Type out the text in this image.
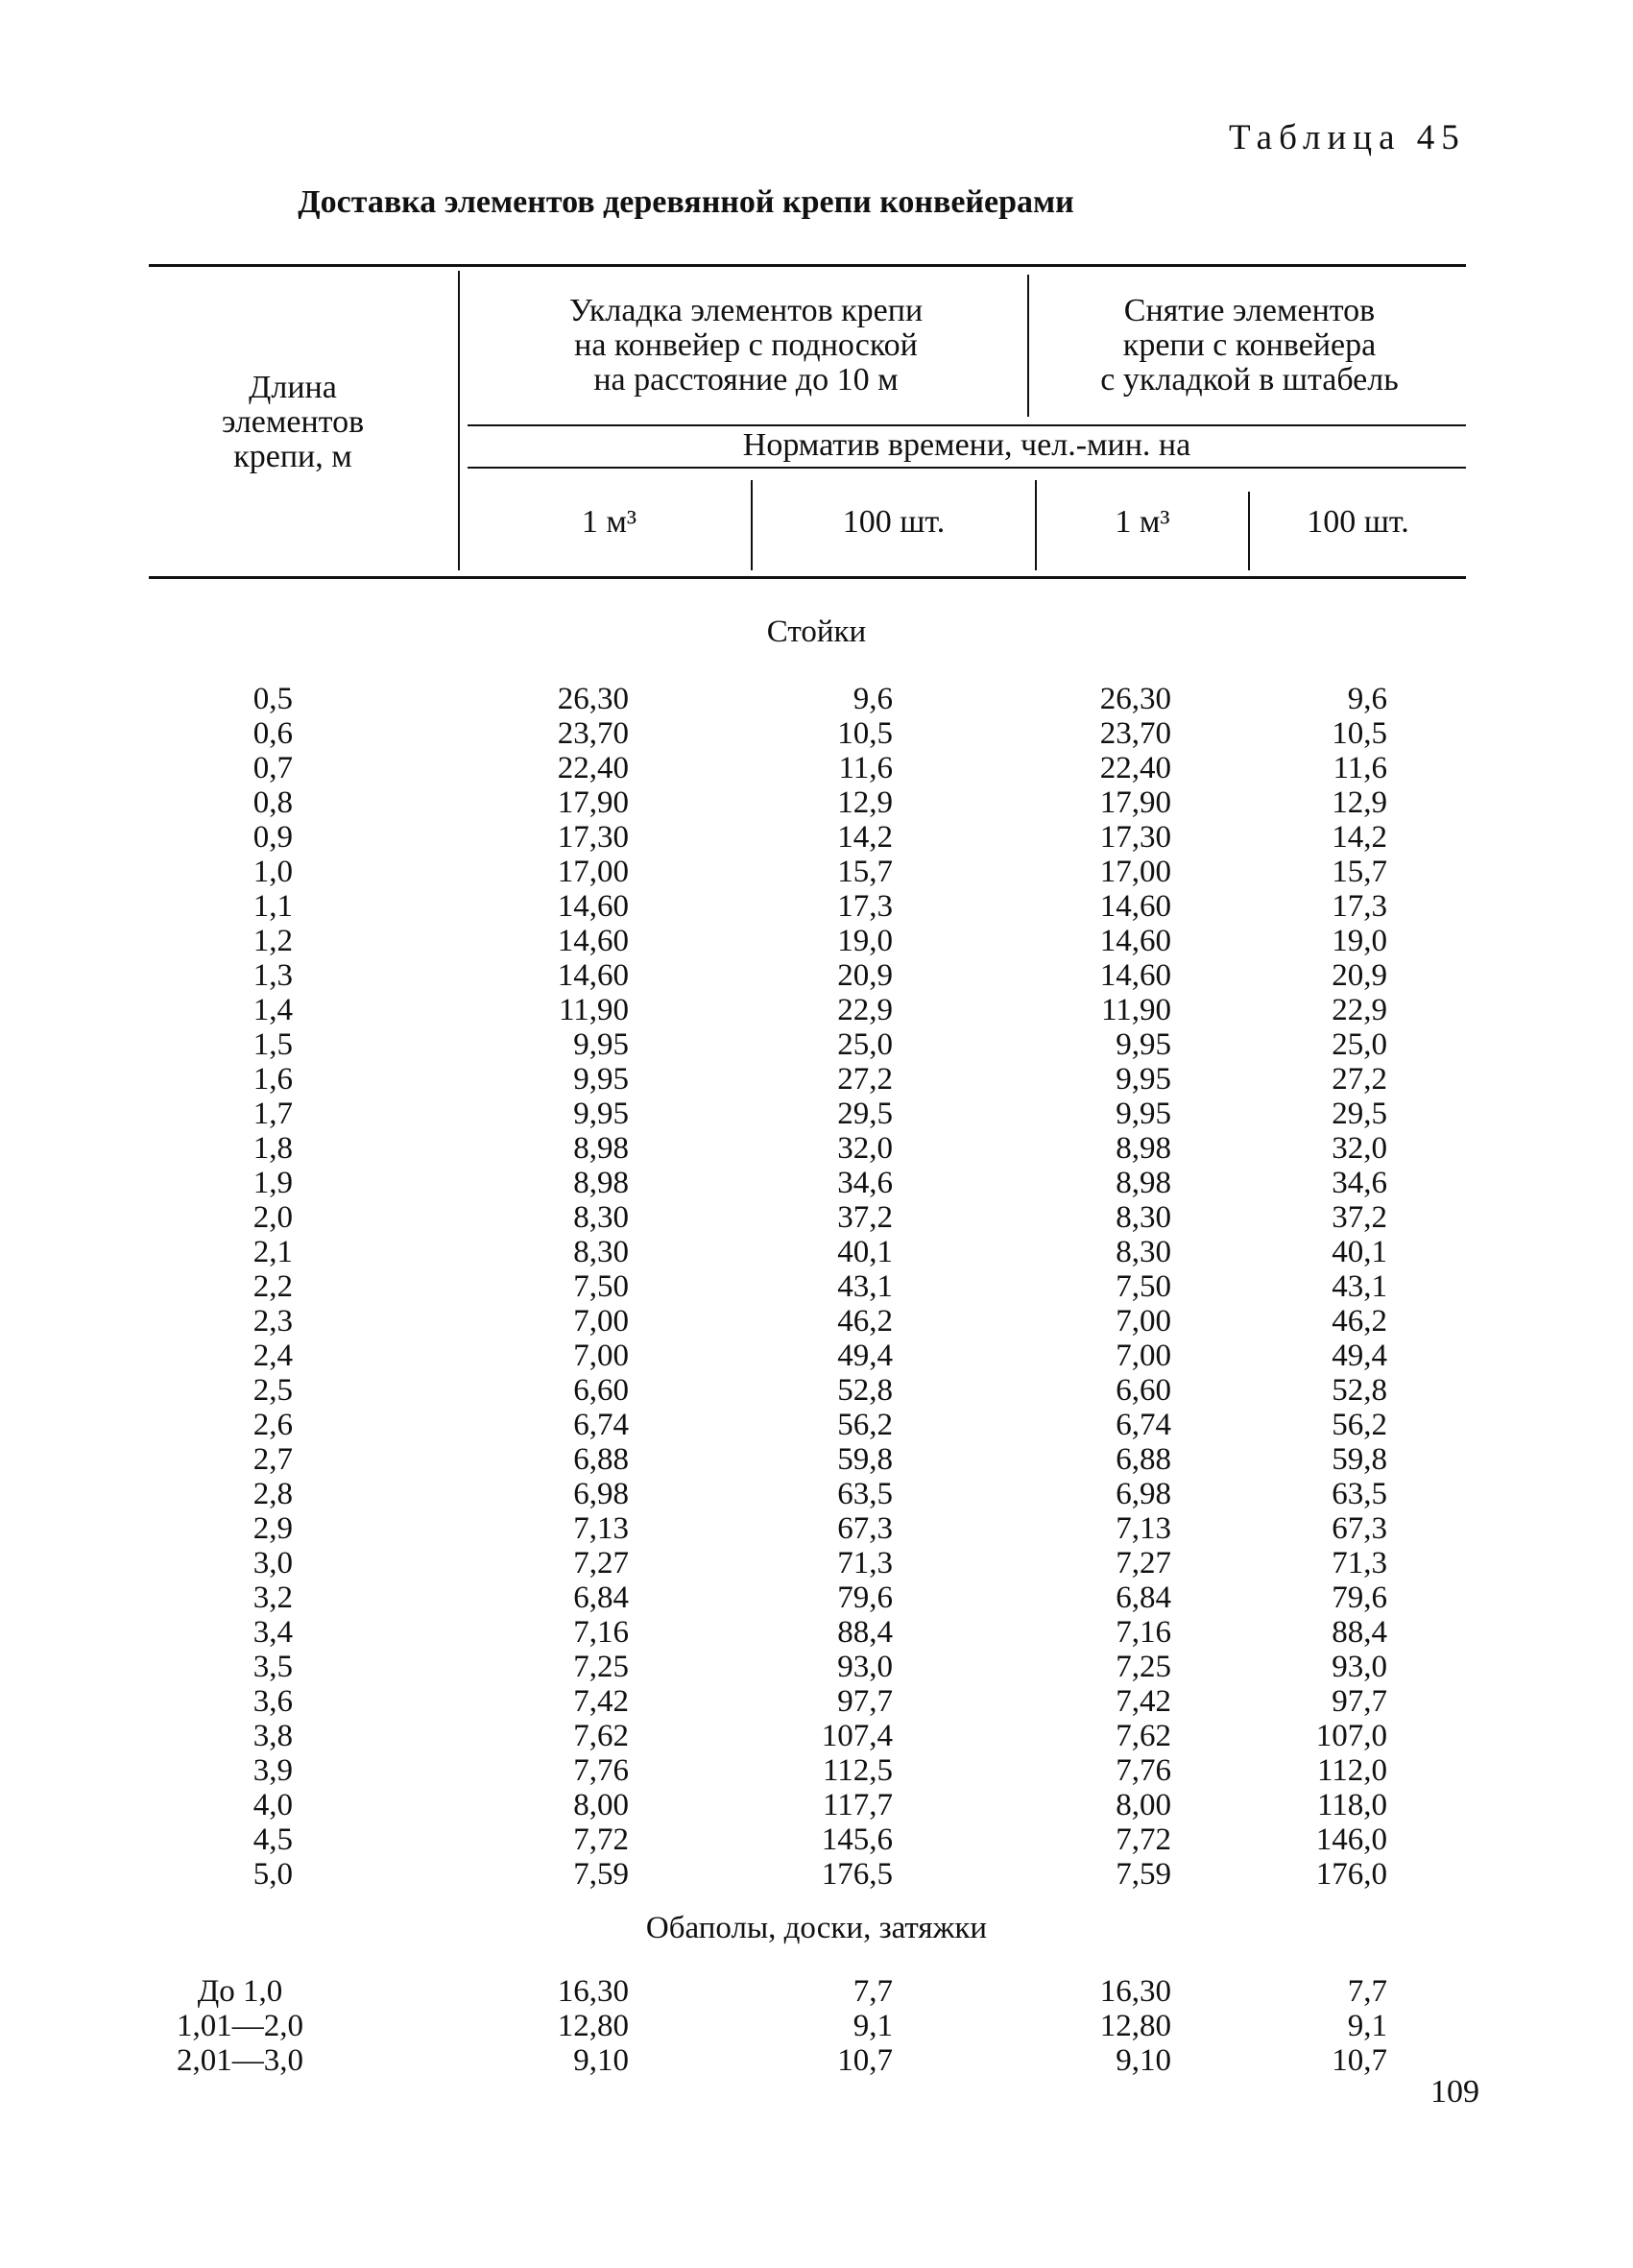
Таблица 45
Доставка элементов деревянной крепи конвейерами
Длина
элементов
крепи, м
Укладка элементов крепи
на конвейер с подноской
на расстояние до 10 м
Снятие элементов
крепи с конвейера
с укладкой в штабель
Норматив времени, чел.-мин. на
1 м³	100 шт.	1 м³	100 шт.
Стойки
0,5	26,30	9,6	26,30	9,6
0,6	23,70	10,5	23,70	10,5
0,7	22,40	11,6	22,40	11,6
0,8	17,90	12,9	17,90	12,9
0,9	17,30	14,2	17,30	14,2
1,0	17,00	15,7	17,00	15,7
1,1	14,60	17,3	14,60	17,3
1,2	14,60	19,0	14,60	19,0
1,3	14,60	20,9	14,60	20,9
1,4	11,90	22,9	11,90	22,9
1,5	9,95	25,0	9,95	25,0
1,6	9,95	27,2	9,95	27,2
1,7	9,95	29,5	9,95	29,5
1,8	8,98	32,0	8,98	32,0
1,9	8,98	34,6	8,98	34,6
2,0	8,30	37,2	8,30	37,2
2,1	8,30	40,1	8,30	40,1
2,2	7,50	43,1	7,50	43,1
2,3	7,00	46,2	7,00	46,2
2,4	7,00	49,4	7,00	49,4
2,5	6,60	52,8	6,60	52,8
2,6	6,74	56,2	6,74	56,2
2,7	6,88	59,8	6,88	59,8
2,8	6,98	63,5	6,98	63,5
2,9	7,13	67,3	7,13	67,3
3,0	7,27	71,3	7,27	71,3
3,2	6,84	79,6	6,84	79,6
3,4	7,16	88,4	7,16	88,4
3,5	7,25	93,0	7,25	93,0
3,6	7,42	97,7	7,42	97,7
3,8	7,62	107,4	7,62	107,0
3,9	7,76	112,5	7,76	112,0
4,0	8,00	117,7	8,00	118,0
4,5	7,72	145,6	7,72	146,0
5,0	7,59	176,5	7,59	176,0
Обаполы, доски, затяжки
До 1,0	16,30	7,7	16,30	7,7
1,01—2,0	12,80	9,1	12,80	9,1
2,01—3,0	9,10	10,7	9,10	10,7
109
